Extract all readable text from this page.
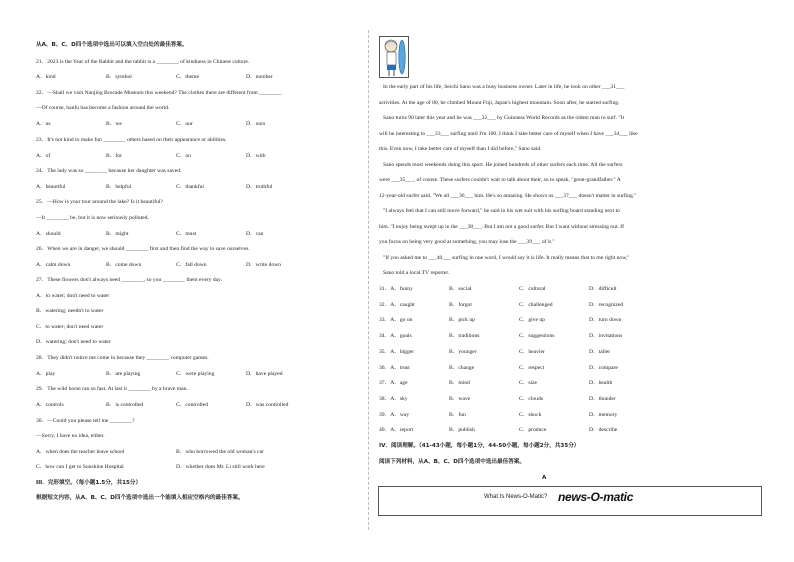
从A、B、C、D四个选项中选出可以填入空白处的最佳答案。
21．2023 is the Year of the Rabbit and the rabbit is a ________ of kindness in Chinese culture.
A．kind	B．symbol	C．theme	D．number
22．—Shall we visit Nanjing Brocade Museum this weekend? The clothes there are different from ________
—Of course, hanfu has become a fashion around the world.
A．us	B．we	C．our	D．ours
23．It's not kind to make fun ________ others based on their appearance or abilities.
A．of	B．for	C．on	D．with
24．The lady was so ________ because her daughter was saved.
A．beautiful	B．helpful	C．thankful	D．truthful
25．—How is your tour around the lake? Is it beautiful?
—It ________ be, but it is now seriously polluted.
A．should	B．might	C．must	D．can
26．When we are in danger, we should ________ first and then find the way to save ourselves.
A．calm down	B．come down	C．fall down	D．write down
27．These flowers don't always need ________, so you ________ them every day.
A．to water; don't need to water
B．watering; needn't to water
C．to water; don't need water
D．watering; don't need to water
28．They didn't notice me come in because they ________ computer games.
A．play	B．are playing	C．were playing	D．have played
29．The wild horse ran so fast. At last it ________ by a brave man.
A．controls	B．is controlled	C．controlled	D．was controlled
30．—Could you please tell me ________?
—Sorry, I have no idea, either.
A．when does the teacher leave school	B．who borrowed the old woman's car
C．how can I get to Sunshine Hospital	D．whether does Mr. Li still work here
III．完形填空。（每小题1.5分，共15分）
根据短文内容，从A、B、C、D四个选项中选出一个能填入相应空格内的最佳答案。
In the early part of his life, Seichi Sano was a busy business owner. Later in life, he took on other ___31___
activities. At the age of 80, he climbed Mount Fuji, Japan's highest mountain. Soon after, he started surfing.
Sano turns 90 later this year and he was ___32___ by Guinness World Records as the oldest man to surf. "It
will be interesting to ___33___ surfing until I'm 100. I think I take better care of myself when I have ___34___ like
this. Even now, I take better care of myself than I did before," Sano said.
Sano spends most weekends doing this sport. He joined hundreds of other surfers each time. All the surfers
were ___35___, of course. These surfers couldn't wait to talk about their, so to speak, "great-grandfather." A
12-year-old surfer said, "We all ___36___ him. He's so amazing. He shows us ___37___ doesn't matter in surfing."
"I always feel that I can still move forward," he said in his wet suit with his surfing board standing next to
him. "I enjoy being swept up in the ___38___. But I am not a good surfer. But I want without stressing out. If
you focus on being very good at something, you may lose the ___39___ of it."
"If you asked me to ___40___ surfing in one word, I would say it is life. It really means that to me right now,"
Sano told a local TV reporter.
31．A．funny	B．social	C．cultural	D．difficult
32．A．caught	B．forgot	C．challenged	D．recognized
33．A．go on	B．pick up	C．give up	D．turn down
34．A．goals	B．traditions	C．suggestions	D．invitations
35．A．bigger	B．younger	C．heavier	D．taller
36．A．trust	B．change	C．respect	D．compare
37．A．age	B．mind	C．size	D．health
38．A．sky	B．wave	C．clouds	D．thunder
39．A．way	B．fun	C．shock	D．memory
40．A．report	B．publish	C．produce	D．describe
IV．阅读理解。（41-43小题，每小题1分，44-50小题，每小题2分，共35分）
阅读下列材料，从A、B、C、D四个选项中选出最佳答案。
A
What Is News-O-Matic? news-O-matic
